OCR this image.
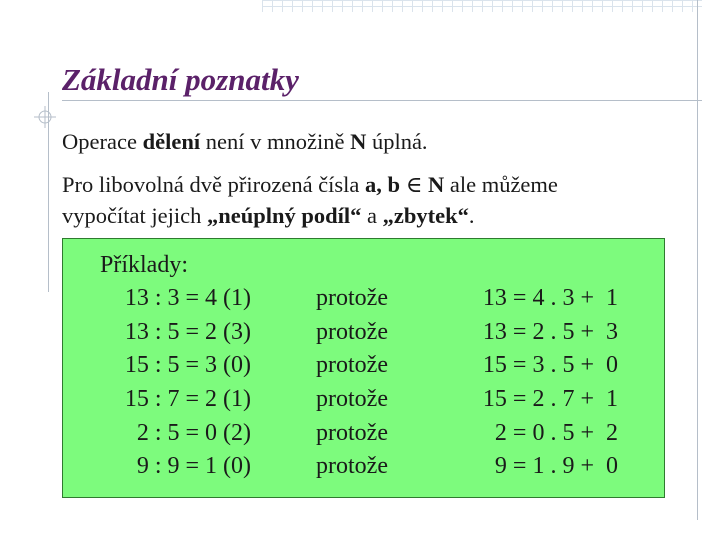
Základní poznatky

Operace dělení není v množině N úplná.

Pro libovolná dvě přirozená čísla a, b ∈ N ale můžeme

vypočítat jejich „neúplný podíl“ a „zbytek“.

Příklady:
13 : 3 = 4 (1)	protože	13 = 4 . 3 +  1
13 : 5 = 2 (3)	protože	13 = 2 . 5 +  3
15 : 5 = 3 (0)	protože	15 = 3 . 5 +  0
15 : 7 = 2 (1)	protože	15 = 2 . 7 +  1
2 : 5 = 0 (2)	protože	2 = 0 . 5 +  2
9 : 9 = 1 (0)	protože	9 = 1 . 9 +  0
